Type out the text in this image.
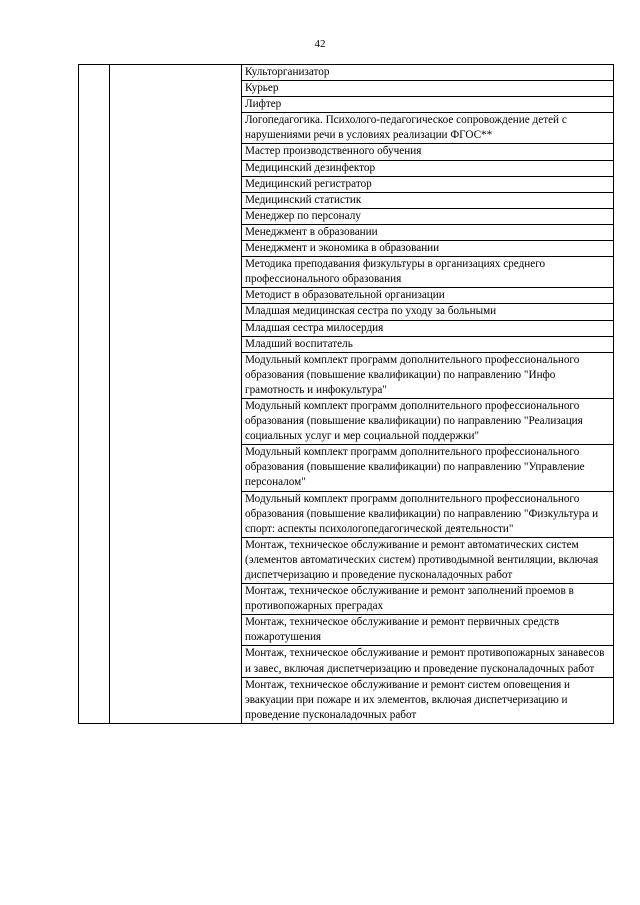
42
		Культорганизатор
Курьер
Лифтер
Логопедагогика. Психолого-педагогическое сопровождение детей с нарушениями речи в условиях реализации ФГОС**
Мастер производственного обучения
Медицинский дезинфектор
Медицинский регистратор
Медицинский статистик
Менеджер по персоналу
Менеджмент в образовании
Менеджмент и экономика в образовании
Методика преподавания физкультуры в организациях среднего профессионального образования
Методист в образовательной организации
Младшая медицинская сестра по уходу за больными
Младшая сестра милосердия
Младший воспитатель
Модульный комплект программ дополнительного профессионального образования (повышение квалификации) по направлению "Инфо грамотность и инфокультура"
Модульный комплект программ дополнительного профессионального образования (повышение квалификации) по направлению "Реализация социальных услуг и мер социальной поддержки"
Модульный комплект программ дополнительного профессионального образования (повышение квалификации) по направлению "Управление персоналом"
Модульный комплект программ дополнительного профессионального образования (повышение квалификации) по направлению "Физкультура и спорт: аспекты психологопедагогической деятельности"
Монтаж, техническое обслуживание и ремонт автоматических систем (элементов автоматических систем) противодымной вентиляции, включая диспетчеризацию и проведение пусконаладочных работ
Монтаж, техническое обслуживание и ремонт заполнений проемов в противопожарных преградах
Монтаж, техническое обслуживание и ремонт первичных средств пожаротушения
Монтаж, техническое обслуживание и ремонт противопожарных занавесов и завес, включая диспетчеризацию и проведение пусконаладочных работ
Монтаж, техническое обслуживание и ремонт систем оповещения и эвакуации при пожаре и их элементов, включая диспетчеризацию и проведение пусконаладочных работ
